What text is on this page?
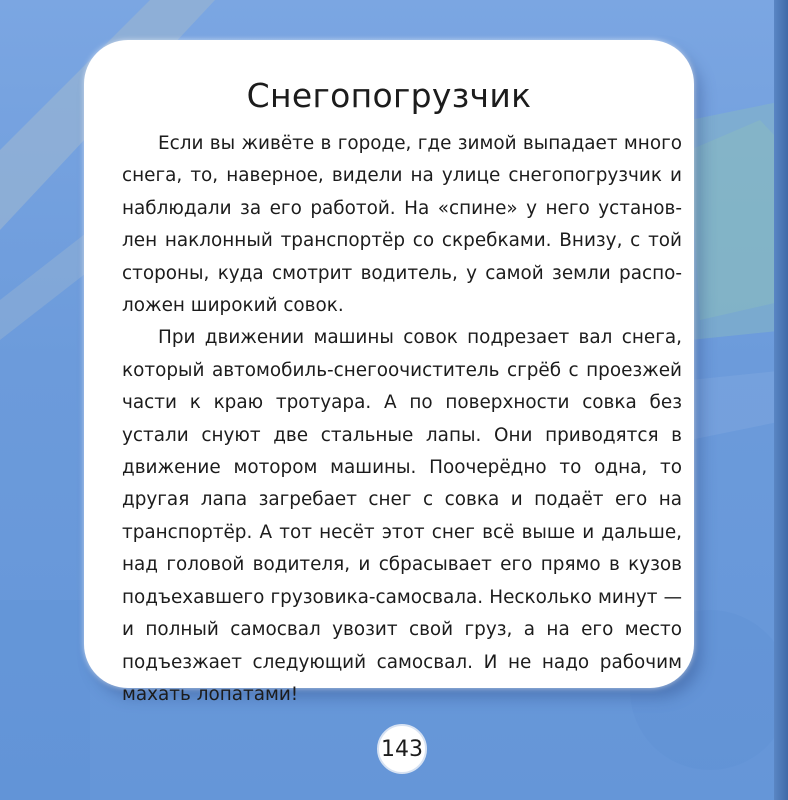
Снегопогрузчик

Если вы живёте в городе, где зимой выпадает много снега, то, наверное, видели на улице снегопогрузчик и наблюдали за его работой. На «спине» у него установлен наклонный транспортёр со скребками. Внизу, с той стороны, куда смотрит водитель, у самой земли расположен широкий совок.

При движении машины совок подрезает вал снега, который автомобиль-снегоочиститель сгрёб с проезжей части к краю тротуара. А по поверхности совка без устали снуют две стальные лапы. Они приводятся в движение мотором машины. Поочерёдно то одна, то другая лапа загребает снег с совка и подаёт его на транспортёр. А тот несёт этот снег всё выше и дальше, над головой водителя, и сбрасывает его прямо в кузов подъехавшего грузовика-самосвала. Несколько минут — и полный самосвал увозит свой груз, а на его место подъезжает следующий самосвал. И не надо рабочим махать лопатами!

143
